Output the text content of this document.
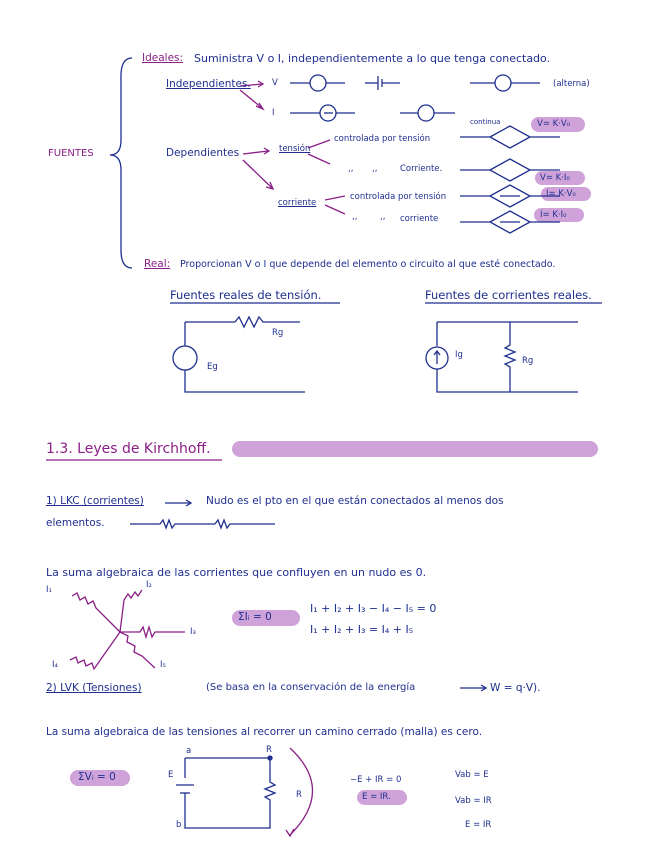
FUENTES
Ideales: Suministra V o I, independientemente a lo que tenga conectado.
Independientes.	V
I
(alterna)
continua
Dependientes	tensión
corriente
controlada por tensión
,, ,,	Corriente.
controlada por tensión
,,	,, corriente
V= K·V₀
V= K·I₀
I= K·V₀
I= K·I₀
Real: Proporcionan V o I que depende del elemento o circuito al que esté conectado.
Fuentes reales de tensión.	Fuentes de corrientes reales.
Rg
Eg
Ig
Rg
1.3. Leyes de Kirchhoff.
1) LKC (corrientes)	Nudo es el pto en el que están conectados al menos dos
elementos.
La suma algebraica de las corrientes que confluyen en un nudo es 0.
I₁	I₂
I₃
I₄	I₅
ΣIᵢ = 0
I₁ + I₂ + I₃ − I₄ − I₅ = 0
I₁ + I₂ + I₃ = I₄ + I₅
2) LVK (Tensiones)	(Se basa en la conservación de la energía	W = q·V).
La suma algebraica de las tensiones al recorrer un camino cerrado (malla) es cero.
ΣVᵢ = 0
a
b
E
R
R
−E + IR = 0
E = IR.
Vab = E
Vab = IR
E = IR
